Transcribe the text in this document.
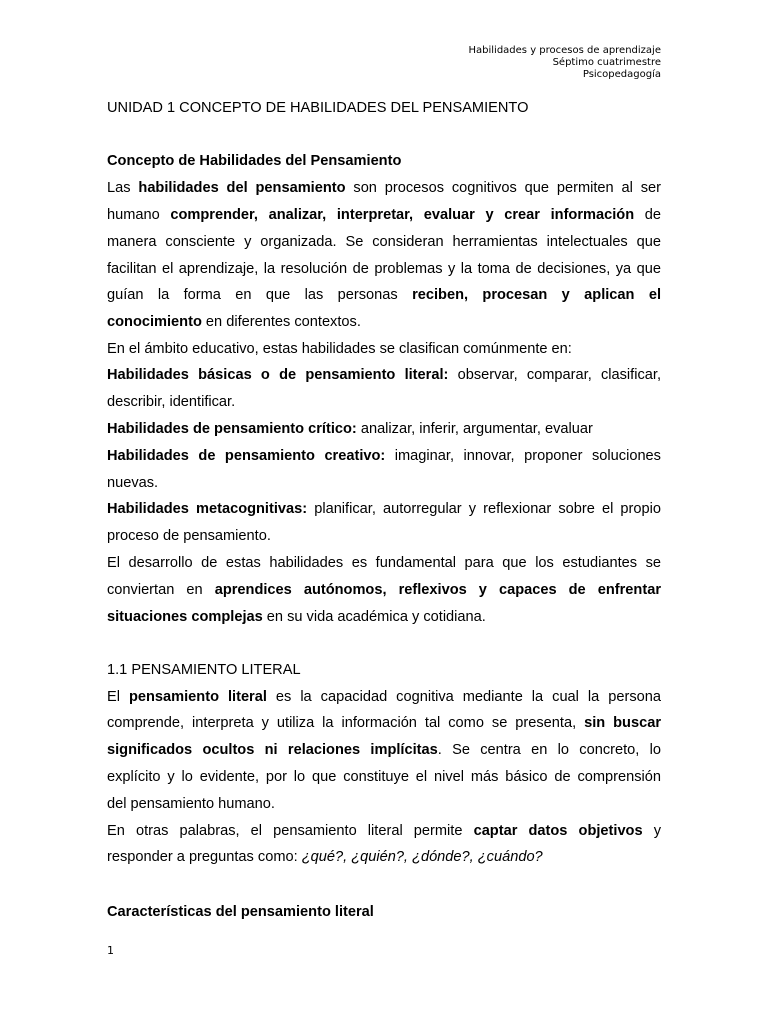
Habilidades y procesos de aprendizaje
Séptimo cuatrimestre
Psicopedagogía
UNIDAD 1 CONCEPTO DE HABILIDADES DEL PENSAMIENTO
Concepto de Habilidades del Pensamiento
Las habilidades del pensamiento son procesos cognitivos que permiten al ser
humano comprender, analizar, interpretar, evaluar y crear información de
manera consciente y organizada. Se consideran herramientas intelectuales que
facilitan el aprendizaje, la resolución de problemas y la toma de decisiones, ya que
guían la forma en que las personas reciben, procesan y aplican el
conocimiento en diferentes contextos.
En el ámbito educativo, estas habilidades se clasifican comúnmente en:
Habilidades básicas o de pensamiento literal: observar, comparar, clasificar,
describir, identificar.
Habilidades de pensamiento crítico: analizar, inferir, argumentar, evaluar
Habilidades de pensamiento creativo: imaginar, innovar, proponer soluciones
nuevas.
Habilidades metacognitivas: planificar, autorregular y reflexionar sobre el propio
proceso de pensamiento.
El desarrollo de estas habilidades es fundamental para que los estudiantes se
conviertan en aprendices autónomos, reflexivos y capaces de enfrentar
situaciones complejas en su vida académica y cotidiana.
1.1 PENSAMIENTO LITERAL
El pensamiento literal es la capacidad cognitiva mediante la cual la persona
comprende, interpreta y utiliza la información tal como se presenta, sin buscar
significados ocultos ni relaciones implícitas. Se centra en lo concreto, lo
explícito y lo evidente, por lo que constituye el nivel más básico de comprensión
del pensamiento humano.
En otras palabras, el pensamiento literal permite captar datos objetivos y
responder a preguntas como: ¿qué?, ¿quién?, ¿dónde?, ¿cuándo?
Características del pensamiento literal
1
